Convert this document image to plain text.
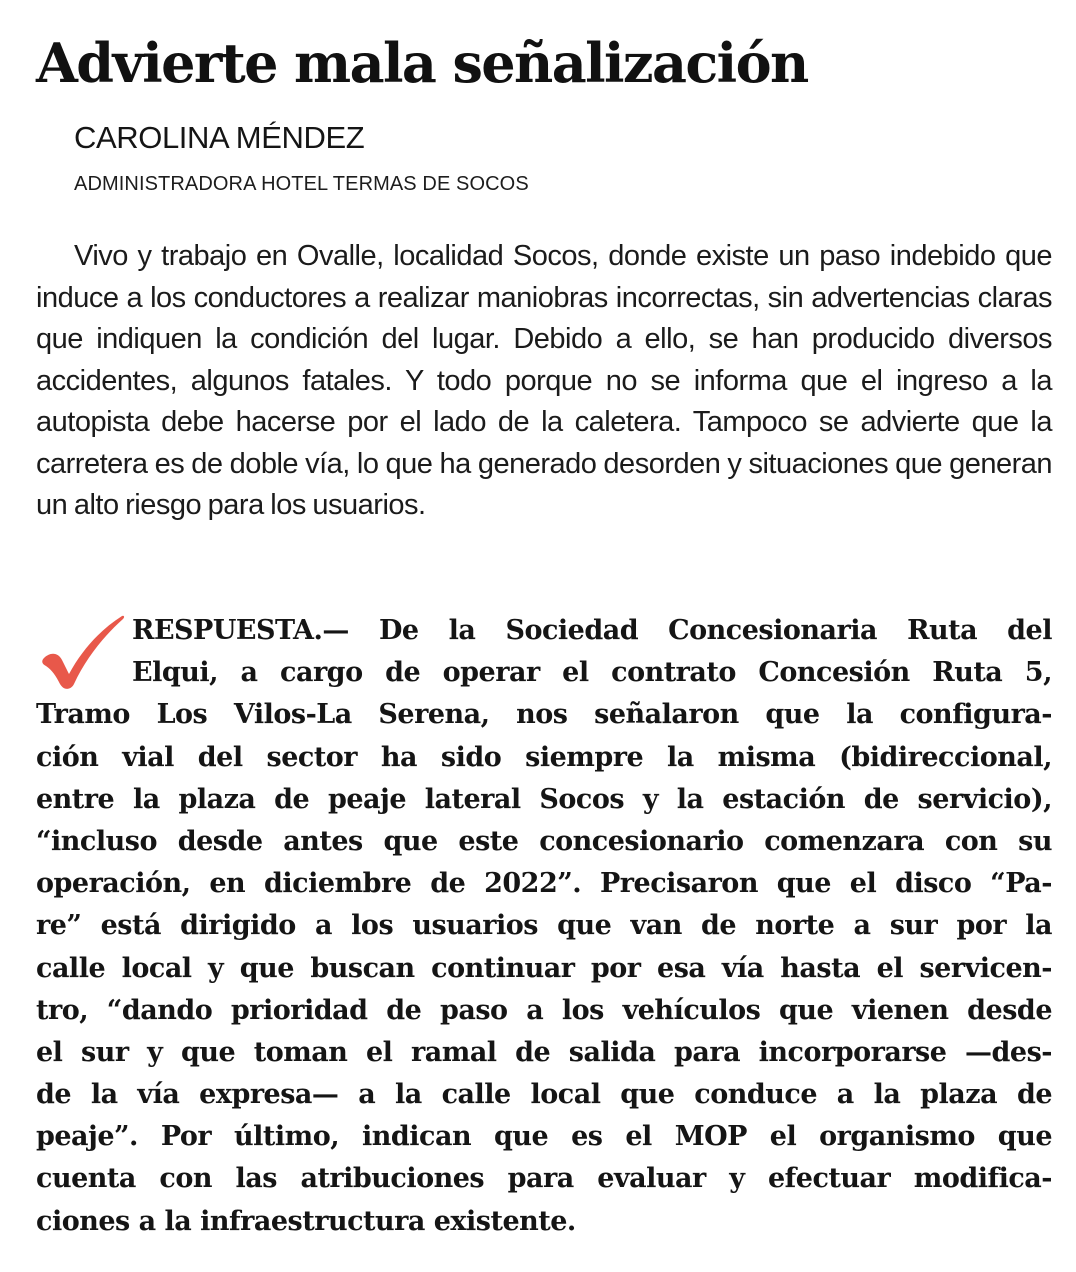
Advierte mala señalización
CAROLINA MÉNDEZ
ADMINISTRADORA HOTEL TERMAS DE SOCOS

Vivo y trabajo en Ovalle, localidad Socos, donde existe un paso indebido que induce a los conductores a realizar maniobras incorrectas, sin advertencias claras que indiquen la condición del lugar. Debido a ello, se han producido diversos accidentes, algunos fatales. Y todo porque no se informa que el ingreso a la autopista debe hacerse por el lado de la caletera. Tampoco se advierte que la carretera es de doble vía, lo que ha generado desorden y situaciones que generan un alto riesgo para los usuarios.

RESPUESTA.— De la Sociedad Concesionaria Ruta del
Elqui, a cargo de operar el contrato Concesión Ruta 5,
Tramo Los Vilos-La Serena, nos señalaron que la configura-
ción vial del sector ha sido siempre la misma (bidireccional,
entre la plaza de peaje lateral Socos y la estación de servicio),
“incluso desde antes que este concesionario comenzara con su
operación, en diciembre de 2022”. Precisaron que el disco “Pa-
re” está dirigido a los usuarios que van de norte a sur por la
calle local y que buscan continuar por esa vía hasta el servicen-
tro, “dando prioridad de paso a los vehículos que vienen desde
el sur y que toman el ramal de salida para incorporarse —des-
de la vía expresa— a la calle local que conduce a la plaza de
peaje”. Por último, indican que es el MOP el organismo que
cuenta con las atribuciones para evaluar y efectuar modifica-
ciones a la infraestructura existente.
